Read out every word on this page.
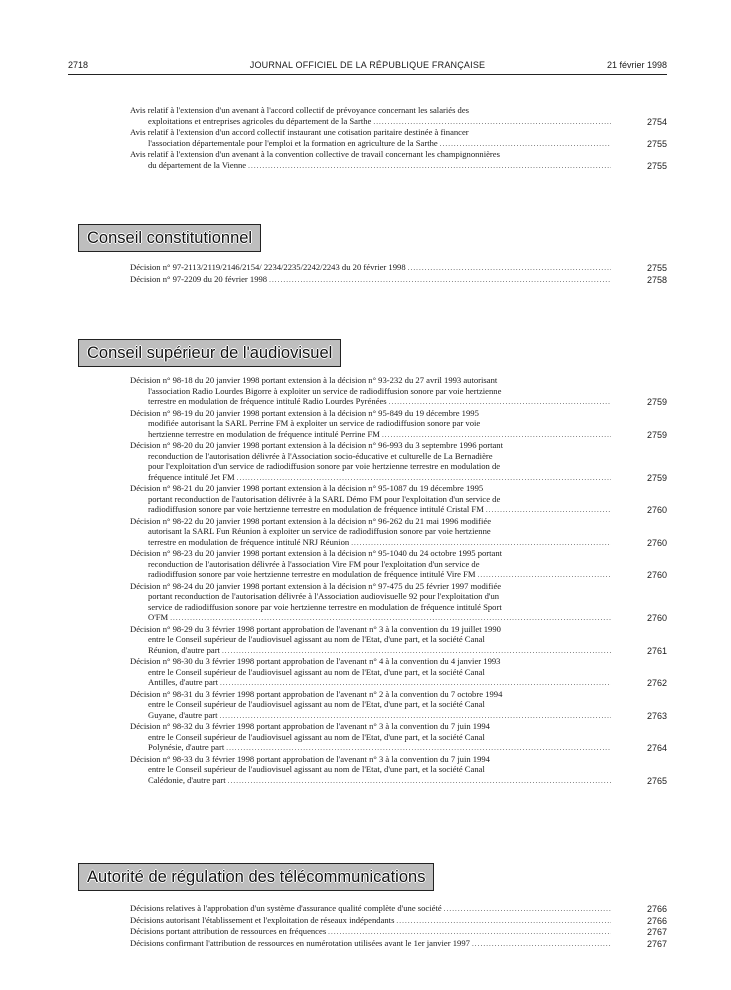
2718	JOURNAL OFFICIEL DE LA RÉPUBLIQUE FRANÇAISE	21 février 1998
Avis relatif à l'extension d'un avenant à l'accord collectif de prévoyance concernant les salariés des
exploitations et entreprises agricoles du département de la Sarthe .....	2754
Avis relatif à l'extension d'un accord collectif instaurant une cotisation paritaire destinée à financer
l'association départementale pour l'emploi et la formation en agriculture de la Sarthe .....	2755
Avis relatif à l'extension d'un avenant à la convention collective de travail concernant les champignonnières
du département de la Vienne .....	2755
Conseil constitutionnel
Décision n° 97-2113/2119/2146/2154/ 2234/2235/2242/2243 du 20 février 1998 .....	2755
Décision n° 97-2209 du 20 février 1998 .....	2758
Conseil supérieur de l'audiovisuel
Décision n° 98-18 du 20 janvier 1998 portant extension à la décision n° 93-232 du 27 avril 1993 autorisant
l'association Radio Lourdes Bigorre à exploiter un service de radiodiffusion sonore par voie hertzienne
terrestre en modulation de fréquence intitulé Radio Lourdes Pyrénées .....	2759
Décision n° 98-19 du 20 janvier 1998 portant extension à la décision n° 95-849 du 19 décembre 1995
modifiée autorisant la SARL Perrine FM à exploiter un service de radiodiffusion sonore par voie
hertzienne terrestre en modulation de fréquence intitulé Perrine FM .....	2759
Décision n° 98-20 du 20 janvier 1998 portant extension à la décision n° 96-993 du 3 septembre 1996 portant
reconduction de l'autorisation délivrée à l'Association socio-éducative et culturelle de La Bernadière
pour l'exploitation d'un service de radiodiffusion sonore par voie hertzienne terrestre en modulation de
fréquence intitulé Jet FM .....	2759
Décision n° 98-21 du 20 janvier 1998 portant extension à la décision n° 95-1087 du 19 décembre 1995
portant reconduction de l'autorisation délivrée à la SARL Démo FM pour l'exploitation d'un service de
radiodiffusion sonore par voie hertzienne terrestre en modulation de fréquence intitulé Cristal FM .....	2760
Décision n° 98-22 du 20 janvier 1998 portant extension à la décision n° 96-262 du 21 mai 1996 modifiée
autorisant la SARL Fun Réunion à exploiter un service de radiodiffusion sonore par voie hertzienne
terrestre en modulation de fréquence intitulé NRJ Réunion .....	2760
Décision n° 98-23 du 20 janvier 1998 portant extension à la décision n° 95-1040 du 24 octobre 1995 portant
reconduction de l'autorisation délivrée à l'association Vire FM pour l'exploitation d'un service de
radiodiffusion sonore par voie hertzienne terrestre en modulation de fréquence intitulé Vire FM .....	2760
Décision n° 98-24 du 20 janvier 1998 portant extension à la décision n° 97-475 du 25 février 1997 modifiée
portant reconduction de l'autorisation délivrée à l'Association audiovisuelle 92 pour l'exploitation d'un
service de radiodiffusion sonore par voie hertzienne terrestre en modulation de fréquence intitulé Sport
O'FM .....	2760
Décision n° 98-29 du 3 février 1998 portant approbation de l'avenant n° 3 à la convention du 19 juillet 1990
entre le Conseil supérieur de l'audiovisuel agissant au nom de l'Etat, d'une part, et la société Canal
Réunion, d'autre part .....	2761
Décision n° 98-30 du 3 février 1998 portant approbation de l'avenant n° 4 à la convention du 4 janvier 1993
entre le Conseil supérieur de l'audiovisuel agissant au nom de l'Etat, d'une part, et la société Canal
Antilles, d'autre part .....	2762
Décision n° 98-31 du 3 février 1998 portant approbation de l'avenant n° 2 à la convention du 7 octobre 1994
entre le Conseil supérieur de l'audiovisuel agissant au nom de l'Etat, d'une part, et la société Canal
Guyane, d'autre part .....	2763
Décision n° 98-32 du 3 février 1998 portant approbation de l'avenant n° 3 à la convention du 7 juin 1994
entre le Conseil supérieur de l'audiovisuel agissant au nom de l'Etat, d'une part, et la société Canal
Polynésie, d'autre part .....	2764
Décision n° 98-33 du 3 février 1998 portant approbation de l'avenant n° 3 à la convention du 7 juin 1994
entre le Conseil supérieur de l'audiovisuel agissant au nom de l'Etat, d'une part, et la société Canal
Calédonie, d'autre part .....	2765
Autorité de régulation des télécommunications
Décisions relatives à l'approbation d'un système d'assurance qualité complète d'une société .....	2766
Décisions autorisant l'établissement et l'exploitation de réseaux indépendants .....	2766
Décisions portant attribution de ressources en fréquences .....	2767
Décisions confirmant l'attribution de ressources en numérotation utilisées avant le 1er janvier 1997 .....	2767
